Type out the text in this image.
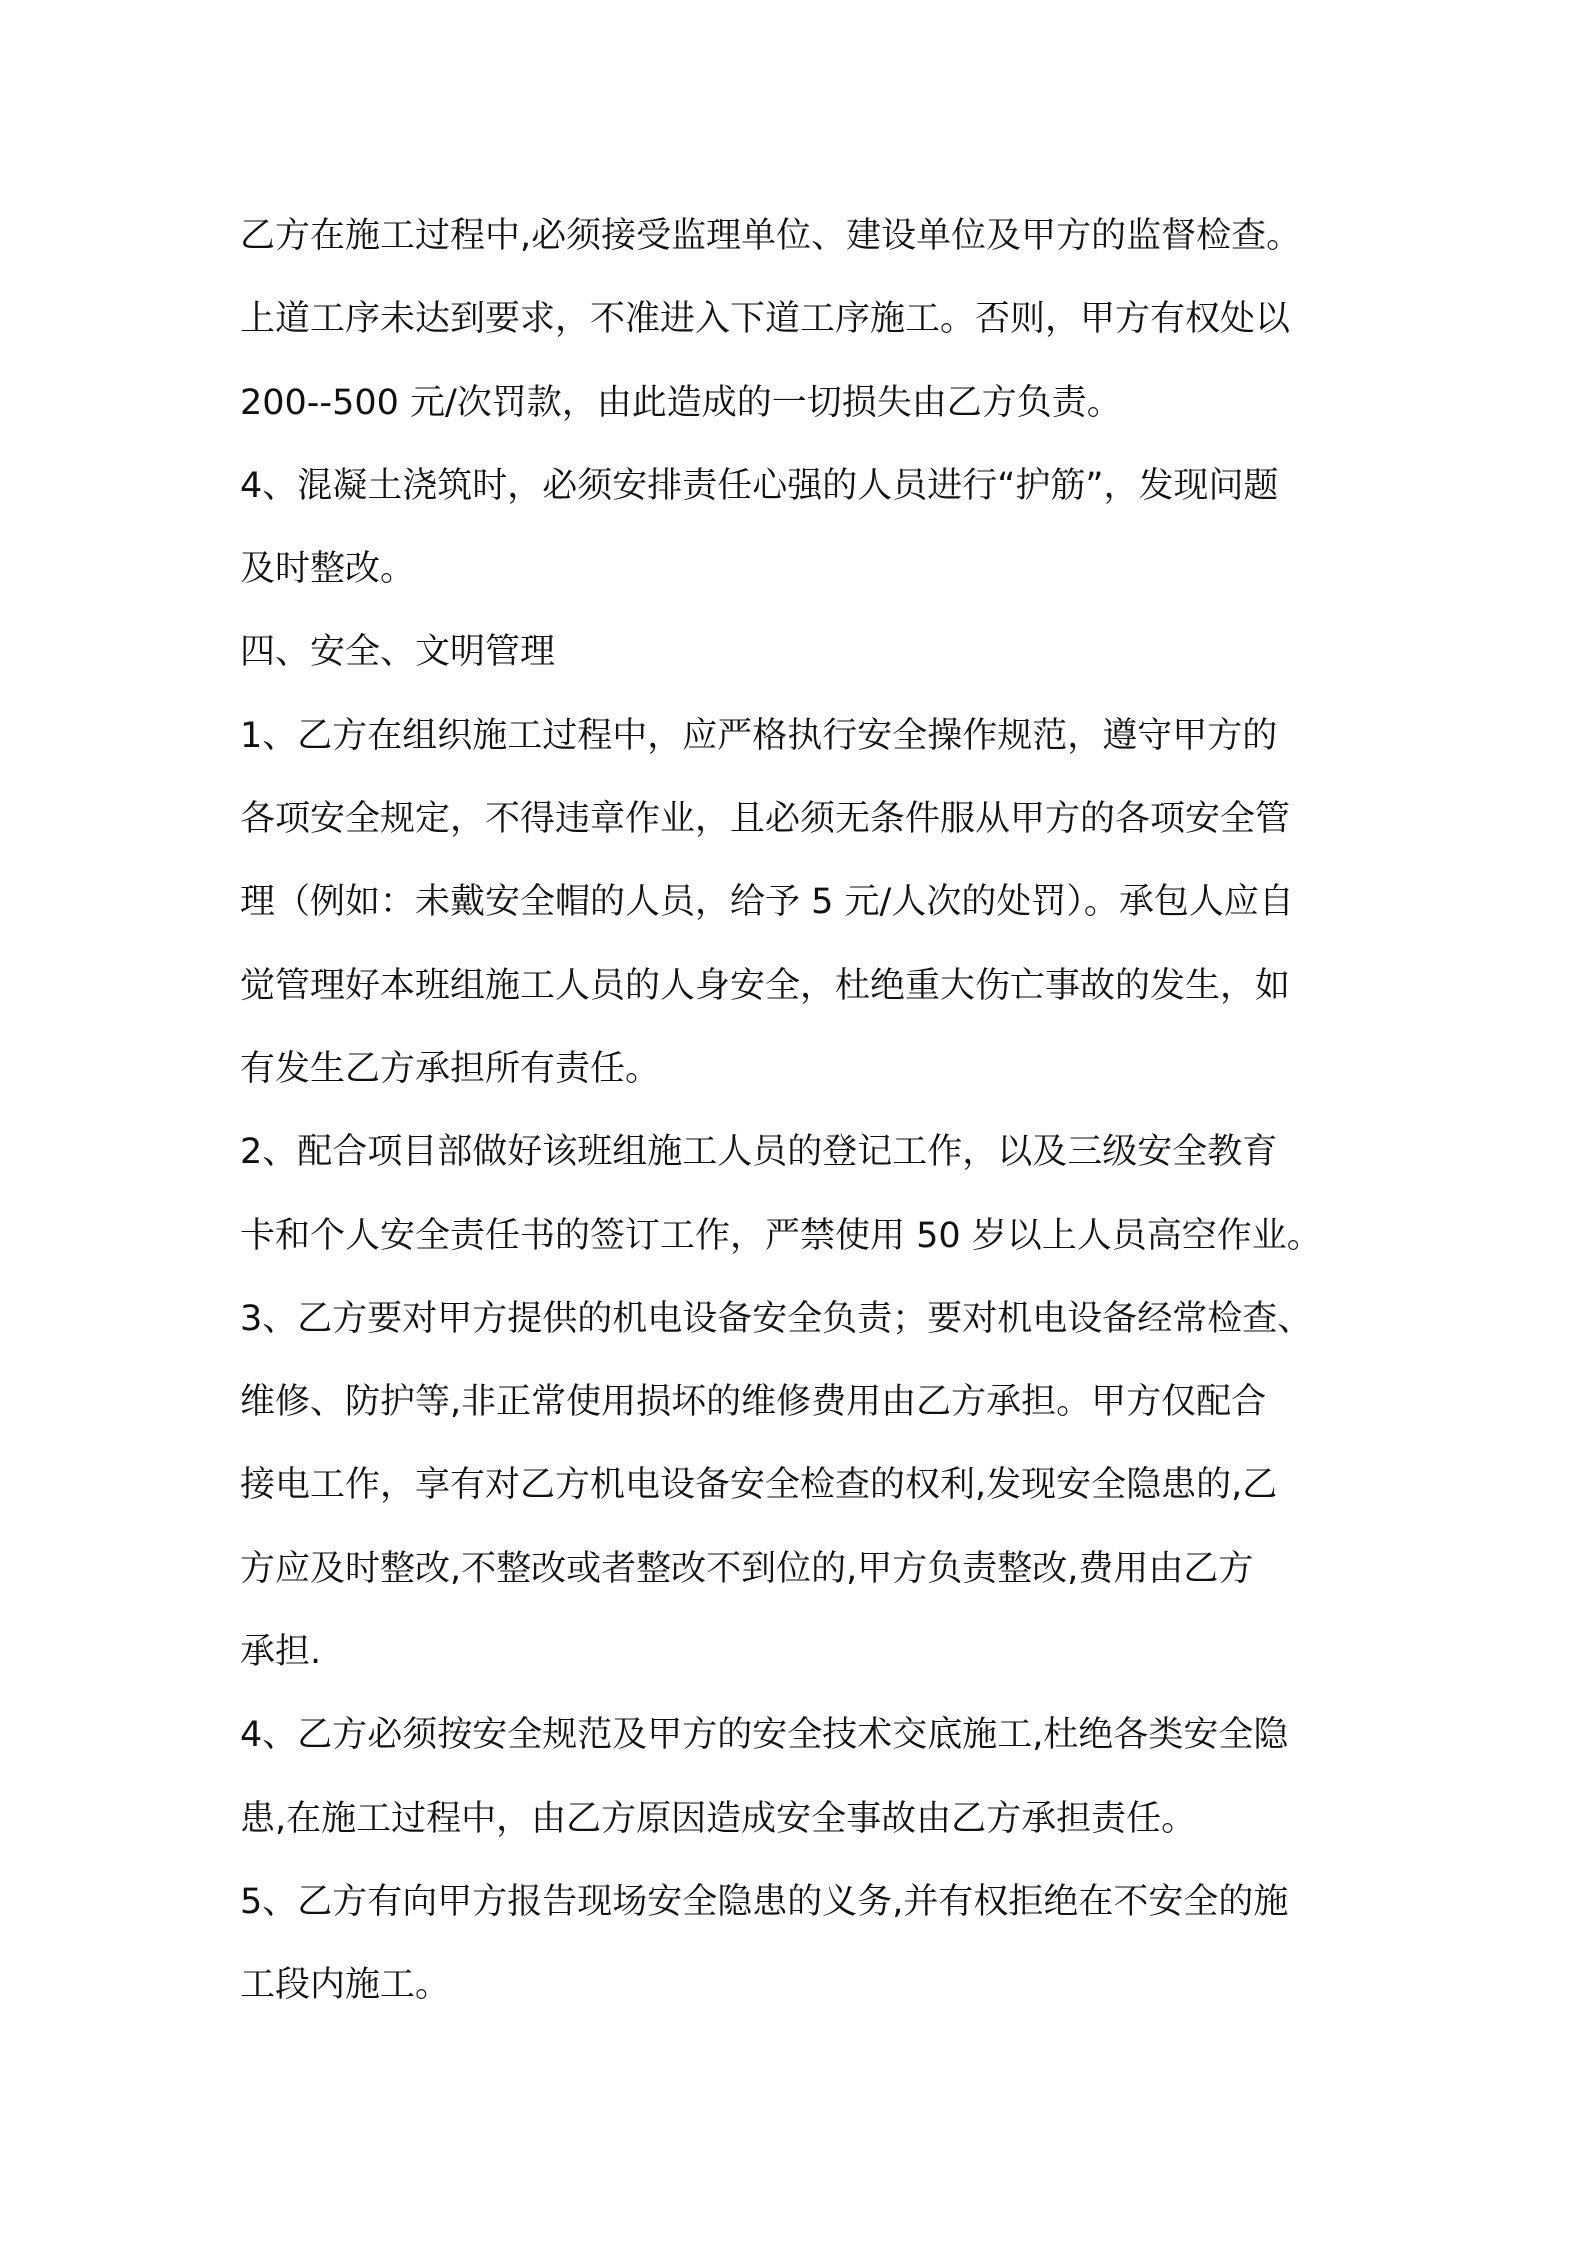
乙方在施工过程中,必须接受监理单位、建设单位及甲方的监督检查。
上道工序未达到要求，不准进入下道工序施工。否则，甲方有权处以
200--500 元/次罚款，由此造成的一切损失由乙方负责。
4、混凝土浇筑时，必须安排责任心强的人员进行“护筋”，发现问题
及时整改。
四、安全、文明管理
1、乙方在组织施工过程中，应严格执行安全操作规范，遵守甲方的
各项安全规定，不得违章作业，且必须无条件服从甲方的各项安全管
理（例如：未戴安全帽的人员，给予 5 元/人次的处罚）。承包人应自
觉管理好本班组施工人员的人身安全，杜绝重大伤亡事故的发生，如
有发生乙方承担所有责任。
2、配合项目部做好该班组施工人员的登记工作，以及三级安全教育
卡和个人安全责任书的签订工作，严禁使用 50 岁以上人员高空作业。
3、乙方要对甲方提供的机电设备安全负责；要对机电设备经常检查、
维修、防护等,非正常使用损坏的维修费用由乙方承担。甲方仅配合
接电工作，享有对乙方机电设备安全检查的权利,发现安全隐患的,乙
方应及时整改,不整改或者整改不到位的,甲方负责整改,费用由乙方
承担.
4、乙方必须按安全规范及甲方的安全技术交底施工,杜绝各类安全隐
患,在施工过程中，由乙方原因造成安全事故由乙方承担责任。
5、乙方有向甲方报告现场安全隐患的义务,并有权拒绝在不安全的施
工段内施工。
